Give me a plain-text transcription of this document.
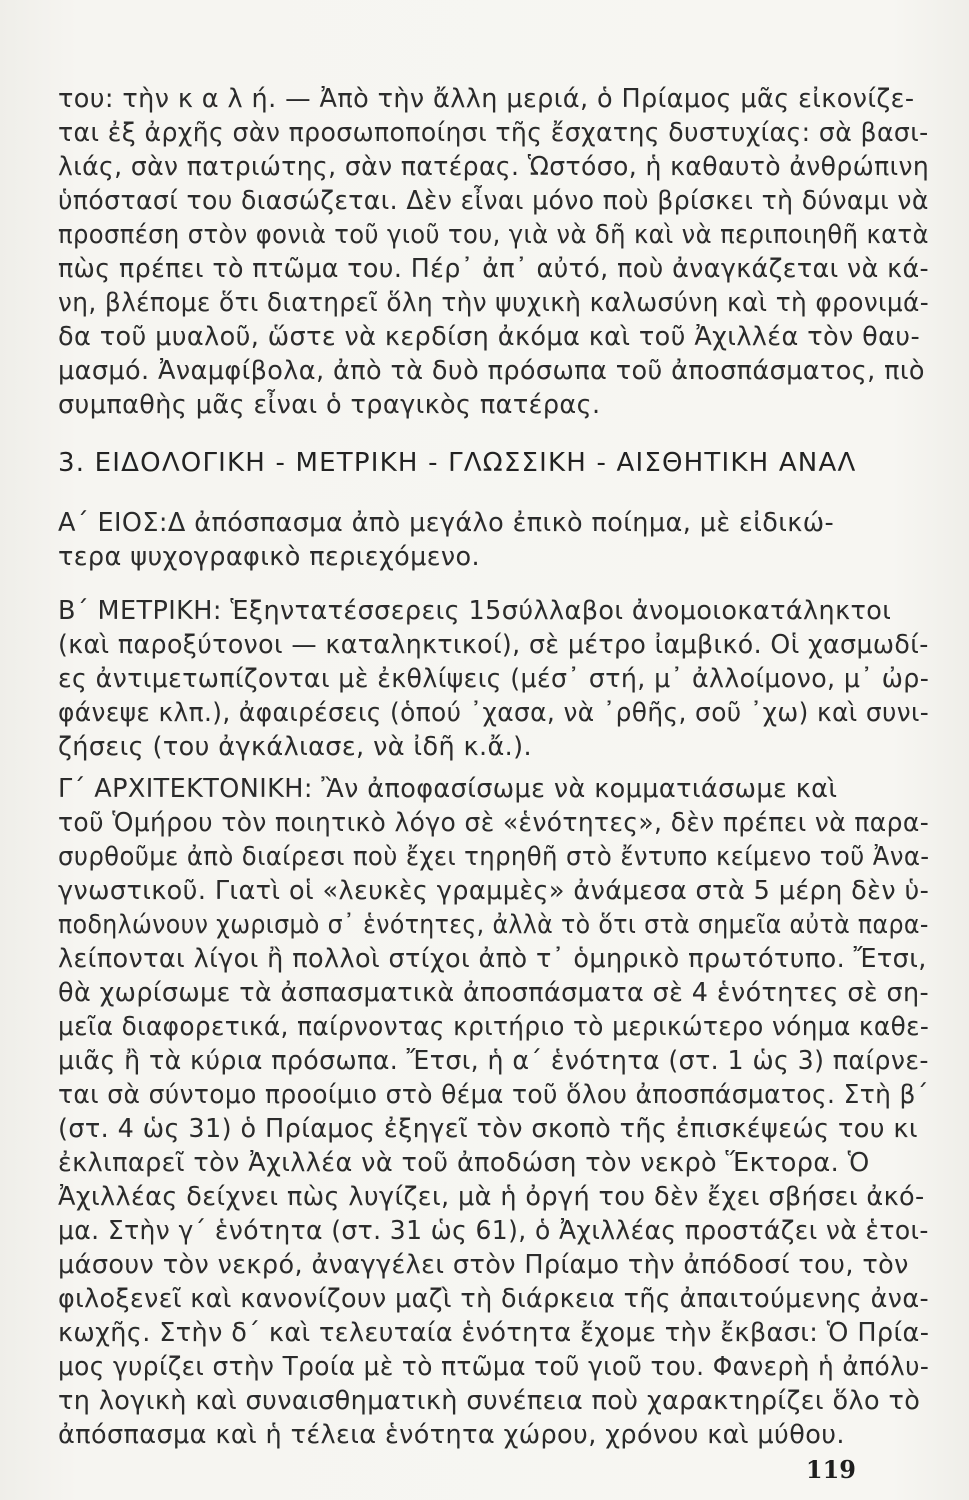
του: τὴν κ α λ ή. — Ἀπὸ τὴν ἄλλη μεριά, ὁ Πρίαμος μᾶς εἰκονίζε-
ται ἐξ ἀρχῆς σὰν προσωποποίησι τῆς ἔσχατης δυστυχίας: σὰ βασι-
λιάς, σὰν πατριώτης, σὰν πατέρας. Ὡστόσο, ἡ καθαυτὸ ἀνθρώπινη
ὑπόστασί του διασώζεται. Δὲν εἶναι μόνο ποὺ βρίσκει τὴ δύναμι νὰ
προσπέση στὸν φονιὰ τοῦ γιοῦ του, γιὰ νὰ δῆ καὶ νὰ περιποιηθῆ κατὰ
πὼς πρέπει τὸ πτῶμα του. Πέρ᾽ ἀπ᾽ αὐτό, ποὺ ἀναγκάζεται νὰ κά-
νη, βλέπομε ὅτι διατηρεῖ ὅλη τὴν ψυχικὴ καλωσύνη καὶ τὴ φρονιμά-
δα τοῦ μυαλοῦ, ὥστε νὰ κερδίση ἀκόμα καὶ τοῦ Ἀχιλλέα τὸν θαυ-
μασμό. Ἀναμφίβολα, ἀπὸ τὰ δυὸ πρόσωπα τοῦ ἀποσπάσματος, πιὸ
συμπαθὴς μᾶς εἶναι ὁ τραγικὸς πατέρας.
3. ΕΙΔΟΛΟΓΙΚΗ - ΜΕΤΡΙΚΗ - ΓΛΩΣΣΙΚΗ - ΑΙΣΘΗΤΙΚΗ ΑΝΑΛ
Α΄ ΕΙΟΣ:Δ ἀπόσπασμα ἀπὸ μεγάλο ἐπικὸ ποίημα, μὲ εἰδικώ-
τερα ψυχογραφικὸ περιεχόμενο.
Β΄ ΜΕΤΡΙΚΗ: Ἑξηντατέσσερεις 15σύλλαβοι ἀνομοιοκατάληκτοι
(καὶ παροξύτονοι — καταληκτικοί), σὲ μέτρο ἰαμβικό. Οἱ χασμωδί-
ες ἀντιμετωπίζονται μὲ ἐκθλίψεις (μέσ᾽ στή, μ᾽ ἀλλοίμονο, μ᾽ ὠρ-
φάνεψε κλπ.), ἀφαιρέσεις (ὁπού ᾽χασα, νὰ ᾽ρθῆς, σοῦ ᾽χω) καὶ συνι-
ζήσεις (του ἀγκάλιασε, νὰ ἰδῆ κ.ἄ.).
Γ΄ ΑΡΧΙΤΕΚΤΟΝΙΚΗ: Ἂν ἀποφασίσωμε νὰ κομματιάσωμε καὶ
τοῦ Ὁμήρου τὸν ποιητικὸ λόγο σὲ «ἑνότητες», δὲν πρέπει νὰ παρα-
συρθοῦμε ἀπὸ διαίρεσι ποὺ ἔχει τηρηθῆ στὸ ἔντυπο κείμενο τοῦ Ἀνα-
γνωστικοῦ. Γιατὶ οἱ «λευκὲς γραμμὲς» ἀνάμεσα στὰ 5 μέρη δὲν ὑ-
ποδηλώνουν χωρισμὸ σ᾽ ἑνότητες, ἀλλὰ τὸ ὅτι στὰ σημεῖα αὐτὰ παρα-
λείπονται λίγοι ἢ πολλοὶ στίχοι ἀπὸ τ᾽ ὁμηρικὸ πρωτότυπο. Ἔτσι,
θὰ χωρίσωμε τὰ ἀσπασματικὰ ἀποσπάσματα σὲ 4 ἑνότητες σὲ ση-
μεῖα διαφορετικά, παίρνοντας κριτήριο τὸ μερικώτερο νόημα καθε-
μιᾶς ἢ τὰ κύρια πρόσωπα. Ἔτσι, ἡ α΄ ἑνότητα (στ. 1 ὡς 3) παίρνε-
ται σὰ σύντομο προοίμιο στὸ θέμα τοῦ ὅλου ἀποσπάσματος. Στὴ β΄
(στ. 4 ὡς 31) ὁ Πρίαμος ἐξηγεῖ τὸν σκοπὸ τῆς ἐπισκέψεώς του κι
ἐκλιπαρεῖ τὸν Ἀχιλλέα νὰ τοῦ ἀποδώση τὸν νεκρὸ Ἕκτορα. Ὁ
Ἀχιλλέας δείχνει πὼς λυγίζει, μὰ ἡ ὀργή του δὲν ἔχει σβήσει ἀκό-
μα. Στὴν γ΄ ἑνότητα (στ. 31 ὡς 61), ὁ Ἀχιλλέας προστάζει νὰ ἑτοι-
μάσουν τὸν νεκρό, ἀναγγέλει στὸν Πρίαμο τὴν ἀπόδοσί του, τὸν
φιλοξενεῖ καὶ κανονίζουν μαζὶ τὴ διάρκεια τῆς ἀπαιτούμενης ἀνα-
κωχῆς. Στὴν δ΄ καὶ τελευταία ἑνότητα ἔχομε τὴν ἔκβασι: Ὁ Πρία-
μος γυρίζει στὴν Τροία μὲ τὸ πτῶμα τοῦ γιοῦ του. Φανερὴ ἡ ἀπόλυ-
τη λογικὴ καὶ συναισθηματικὴ συνέπεια ποὺ χαρακτηρίζει ὅλο τὸ
ἀπόσπασμα καὶ ἡ τέλεια ἑνότητα χώρου, χρόνου καὶ μύθου.
119
